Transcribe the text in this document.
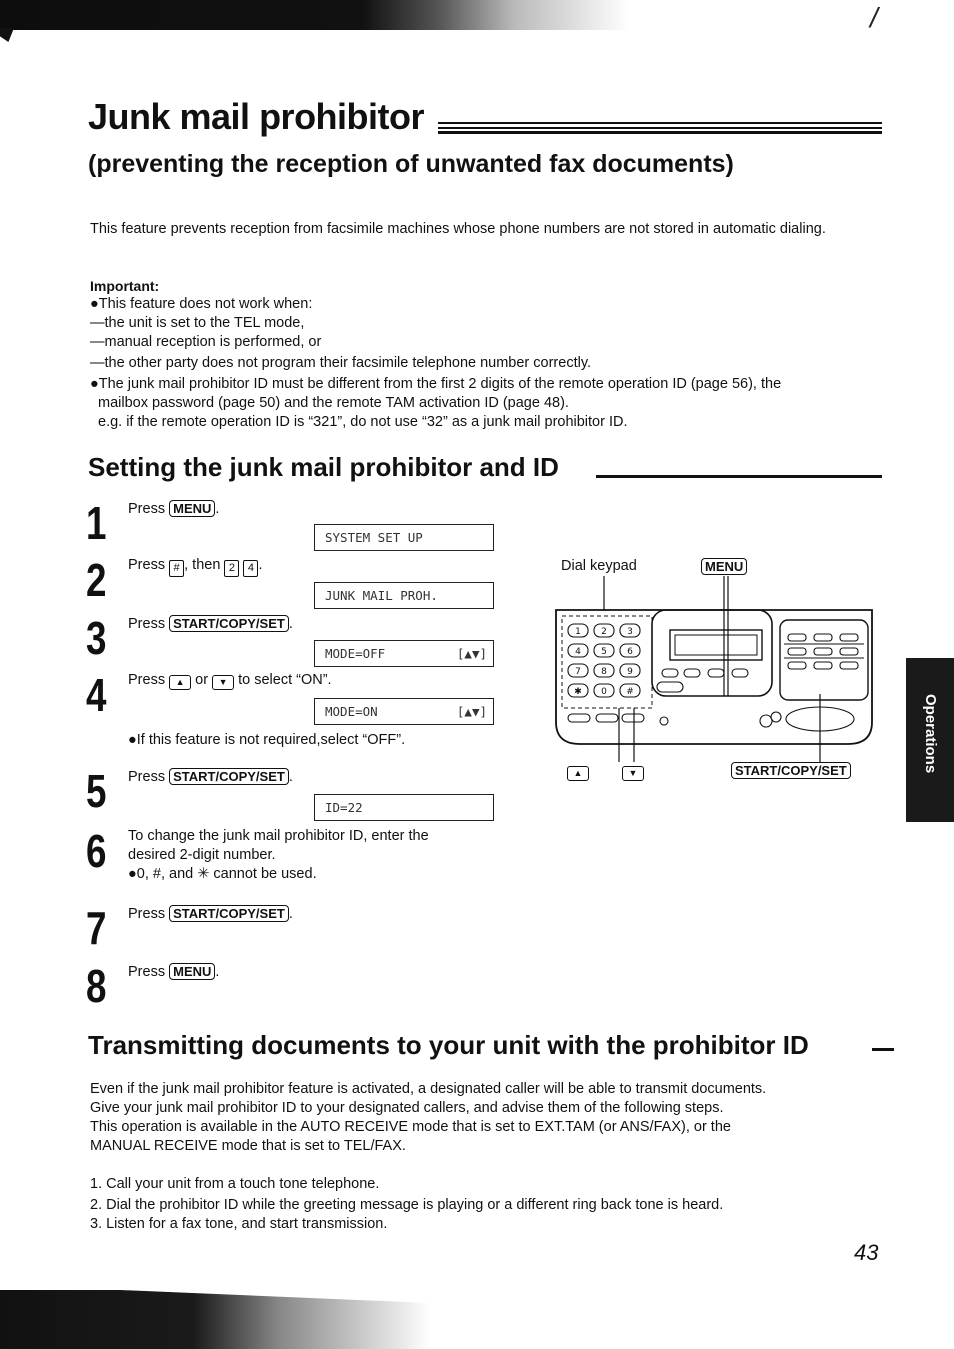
/
Junk mail prohibitor
(preventing the reception of unwanted fax documents)
This feature prevents reception from facsimile machines whose phone numbers are not stored in automatic dialing.
Important:
●This feature does not work when:
—the unit is set to the TEL mode,
—manual reception is performed, or
—the other party does not program their facsimile telephone number correctly.
●The junk mail prohibitor ID must be different from the first 2 digits of the remote operation ID (page 56), the
mailbox password (page 50) and the remote TAM activation ID (page 48).
e.g. if the remote operation ID is “321”, do not use “32” as a junk mail prohibitor ID.
Setting the junk mail prohibitor and ID
1 Press MENU .
SYSTEM SET UP
2 Press # , then 2 4 .
JUNK MAIL PROH.
3 Press START/COPY/SET .
MODE=OFF	[▲▼]
4 Press ▲ or ▼ to select “ON”.
MODE=ON	[▲▼]
●If this feature is not required,select “OFF”.
5 Press START/COPY/SET .
ID=22
6 To change the junk mail prohibitor ID, enter the
desired 2-digit number.
●0, #, and ✳ cannot be used.
7 Press START/COPY/SET .
8 Press MENU .
Dial keypad	MENU
1 2 3
4 5 6
7 8 9
✱ 0 #
▲	▼	START/COPY/SET	Operations
Transmitting documents to your unit with the prohibitor ID
Even if the junk mail prohibitor feature is activated, a designated caller will be able to transmit documents.
Give your junk mail prohibitor ID to your designated callers, and advise them of the following steps.
This operation is available in the AUTO RECEIVE mode that is set to EXT.TAM (or ANS/FAX), or the
MANUAL RECEIVE mode that is set to TEL/FAX.
1. Call your unit from a touch tone telephone.
2. Dial the prohibitor ID while the greeting message is playing or a different ring back tone is heard.
3. Listen for a fax tone, and start transmission.
43
